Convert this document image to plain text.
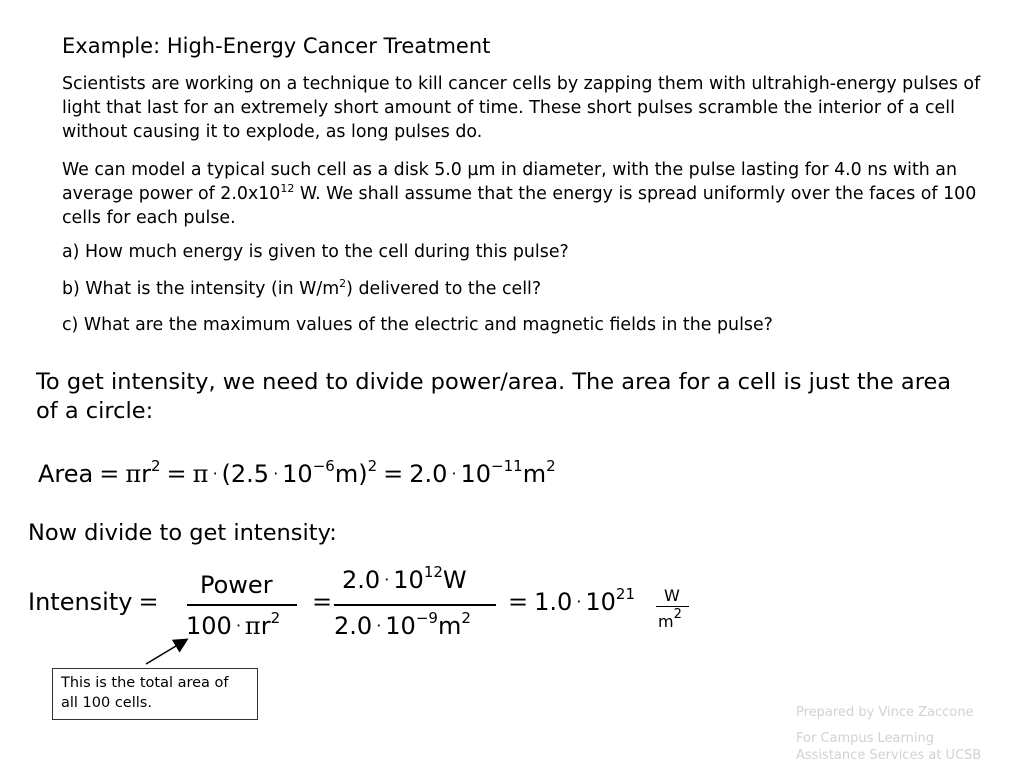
Example: High-Energy Cancer Treatment
Scientists are working on a technique to kill cancer cells by zapping them with ultrahigh-energy pulses of light that last for an extremely short amount of time. These short pulses scramble the interior of a cell without causing it to explode, as long pulses do.
We can model a typical such cell as a disk 5.0 µm in diameter, with the pulse lasting for 4.0 ns with an average power of $2.0x10^{12}$ W. We shall assume that the energy is spread uniformly over the faces of 100 cells for each pulse.
a) How much energy is given to the cell during this pulse?
b) What is the intensity (in $W/m^2$) delivered to the cell?
c) What are the maximum values of the electric and magnetic fields in the pulse?
To get intensity, we need to divide power/area. The area for a cell is just the area of a circle:
Area = $\pi r^2 = \pi \cdot (2.5 \cdot 10^{-6}m)^2 = 2.0 \cdot 10^{-11}m^2$
Now divide to get intensity:
Intensity =
Power
$100 \cdot \pi r^2$
=
$2.0 \cdot 10^{12}W$
$2.0 \cdot 10^{-9}m^2$
= $1.0 \cdot 10^{21}$ W
$m^2$
This is the total area of all 100 cells.
Prepared by Vince Zaccone
For Campus Learning Assistance Services at UCSB
